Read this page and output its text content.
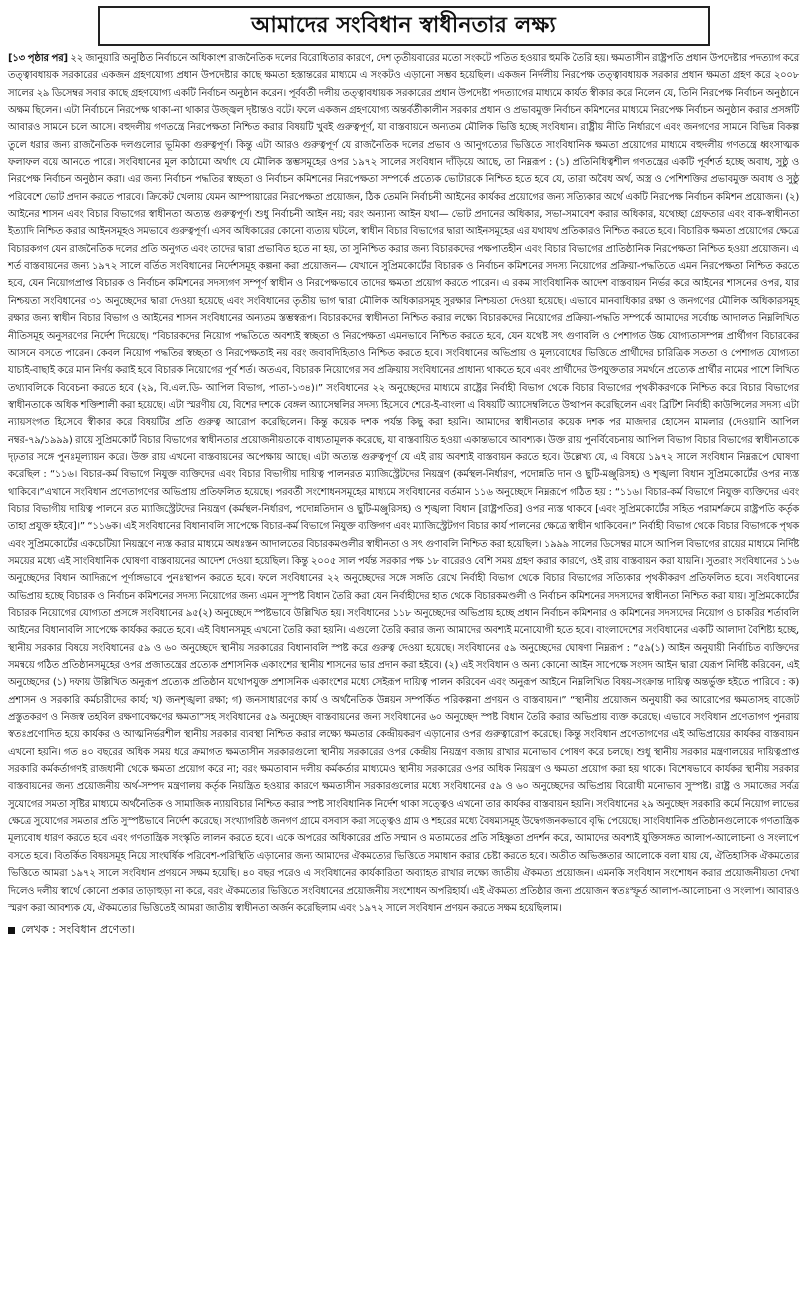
আমাদের সংবিধান স্বাধীনতার লক্ষ্য
[১৩ পৃষ্ঠার পর] ২২ জানুয়ারি অনুষ্ঠিত নির্বাচনে অধিকাংশ রাজনৈতিক দলের বিরোধিতার কারণে, দেশ তৃতীয়বারের মতো সংকটে পতিত হওয়ার হুমকি তৈরি হয়। ক্ষমতাসীন রাষ্ট্রপতি প্রধান উপদেষ্টার পদত্যাগ করে তত্ত্বাবধায়ক সরকারের একজন গ্রহণযোগ্য প্রধান উপদেষ্টার কাছে ক্ষমতা হস্তান্তরের মাধ্যমে এ সংকটও এড়ানো সম্ভব হয়েছিল। একজন নির্দলীয় নিরপেক্ষ তত্ত্বাবধায়ক সরকার প্রধান ক্ষমতা গ্রহণ করে ২০০৮ সালের ২৯ ডিসেম্বর সবার কাছে গ্রহণযোগ্য একটি নির্বাচন অনুষ্ঠান করেন। পূর্ববর্তী দলীয় তত্ত্বাবধায়ক সরকারের প্রধান উপদেষ্টা পদত্যাগের মাধ্যমে কার্যত স্বীকার করে নিলেন যে, তিনি নিরপেক্ষ নির্বাচন অনুষ্ঠানে অক্ষম ছিলেন। এটা নির্বাচনে নিরপেক্ষ থাকা-না থাকার উজ্জ্বল দৃষ্টান্তও বটে। ফলে একজন গ্রহণযোগ্য অন্তর্বর্তীকালীন সরকার প্রধান ও প্রভাবমুক্ত নির্বাচন কমিশনের মাধ্যমে নিরপেক্ষ নির্বাচন অনুষ্ঠান করার প্রসঙ্গটি আবারও সামনে চলে আসে। বহুদলীয় গণতন্ত্রে নিরপেক্ষতা নিশ্চিত করার বিষয়টি খুবই গুরুত্বপূর্ণ, যা বাস্তবায়নে অন্যতম মৌলিক ভিত্তি হচ্ছে সংবিধান। রাষ্ট্রীয় নীতি নির্ধারণে এবং জনগণের সামনে বিভিন্ন বিকল্প তুলে ধরার জন্য রাজনৈতিক দলগুলোর ভূমিকা গুরুত্বপূর্ণ। কিন্তু এটা আরও গুরুত্বপূর্ণ যে রাজনৈতিক দলের প্রভাব ও আনুগত্যের ভিত্তিতে সাংবিধানিক ক্ষমতা প্রয়োগের মাধ্যমে বহুদলীয় গণতন্ত্রে ধ্বংসাত্মক ফলাফল বয়ে আনতে পারে। সংবিধানের মূল কাঠামো অর্থাৎ যে মৌলিক স্তম্ভসমূহের ওপর ১৯৭২ সালের সংবিধান দাঁড়িয়ে আছে, তা নিম্নরূপ : (১) প্রতিনিধিত্বশীল গণতন্ত্রের একটি পূর্বশর্ত হচ্ছে অবাধ, সুষ্ঠু ও নিরপেক্ষ নির্বাচন অনুষ্ঠান করা। এর জন্য নির্বাচন পদ্ধতির স্বচ্ছতা ও নির্বাচন কমিশনের নিরপেক্ষতা সম্পর্কে প্রত্যেক ভোটারকে নিশ্চিত হতে হবে যে, তারা অবৈধ অর্থ, অস্ত্র ও পেশিশক্তির প্রভাবমুক্ত অবাধ ও সুষ্ঠু পরিবেশে ভোট প্রদান করতে পারবে। ক্রিকেট খেলায় যেমন আম্পায়ারের নিরপেক্ষতা প্রয়োজন, ঠিক তেমনি নির্বাচনী আইনের কার্যকর প্রয়োগের জন্য সত্যিকার অর্থে একটি নিরপেক্ষ নির্বাচন কমিশন প্রয়োজন। (২) আইনের শাসন এবং বিচার বিভাগের স্বাধীনতা অত্যন্ত গুরুত্বপূর্ণ। শুধু নির্বাচনী আইন নয়; বরং অন্যান্য আইন যথা— ভোট প্রদানের অধিকার, সভা-সমাবেশ করার অধিকার, যথেচ্ছা গ্রেফতার এবং বাক-স্বাধীনতা ইত্যাদি নিশ্চিত করার আইনসমূহও সমভাবে গুরুত্বপূর্ণ। এসব অধিকারের কোনো ব্যত্যয় ঘটলে, স্বাধীন বিচার বিভাগের দ্বারা আইনসমূহের এর যথাযথ প্রতিকারও নিশ্চিত করতে হবে। বিচারিক ক্ষমতা প্রয়োগের ক্ষেত্রে বিচারকগণ যেন রাজনৈতিক দলের প্রতি অনুগত এবং তাদের দ্বারা প্রভাবিত হতে না হয়, তা সুনিশ্চিত করার জন্য বিচারকদের পক্ষপাতহীন এবং বিচার বিভাগের প্রাতিষ্ঠানিক নিরপেক্ষতা নিশ্চিত হওয়া প্রয়োজন। এ শর্ত বাস্তবায়নের জন্য ১৯৭২ সালে বর্তিত সংবিধানের নির্দেশসমূহ কল্পনা করা প্রয়োজন— যেখানে সুপ্রিমকোর্টের বিচারক ও নির্বাচন কমিশনের সদস্য নিয়োগের প্রক্রিয়া-পদ্ধতিতে এমন নিরপেক্ষতা নিশ্চিত করতে হবে, যেন নিয়োগপ্রাপ্ত বিচারক ও নির্বাচন কমিশনের সদস্যগণ সম্পূর্ণ স্বাধীন ও নিরপেক্ষভাবে তাদের ক্ষমতা প্রয়োগ করতে পারেন। এ রকম সাংবিধানিক আদেশ বাস্তবায়ন নির্ভর করে আইনের শাসনের ওপর, যার নিশ্চয়তা সংবিধানের ৩১ অনুচ্ছেদের দ্বারা দেওয়া হয়েছে এবং সংবিধানের তৃতীয় ভাগ দ্বারা মৌলিক অধিকারসমূহ সুরক্ষার নিশ্চয়তা দেওয়া হয়েছে। এভাবে মানবাধিকার রক্ষা ও জনগণের মৌলিক অধিকারসমূহ রক্ষার জন্য স্বাধীন বিচার বিভাগ ও আইনের শাসন সংবিধানের অন্যতম স্তম্ভস্বরূপ। বিচারকদের স্বাধীনতা নিশ্চিত করার লক্ষ্যে বিচারকদের নিয়োগের প্রক্রিয়া-পদ্ধতি সম্পর্কে আমাদের সর্বোচ্চ আদালত নিম্নলিখিত নীতিসমূহ অনুসরণের নির্দেশ দিয়েছে। “বিচারকদের নিয়োগ পদ্ধতিতে অবশ্যই স্বচ্ছতা ও নিরপেক্ষতা এমনভাবে নিশ্চিত করতে হবে, যেন যথেষ্ট সৎ গুণাবলি ও পেশাগত উচ্চ যোগ্যতাসম্পন্ন প্রার্থীগণ বিচারকের আসনে বসতে পারেন। কেবল নিয়োগ পদ্ধতির স্বচ্ছতা ও নিরপেক্ষতাই নয় বরং জবাবদিহিতাও নিশ্চিত করতে হবে। সংবিধানের অভিপ্রায় ও মূল্যবোধের ভিত্তিতে প্রার্থীদের চারিত্রিক সততা ও পেশাগত যোগ্যতা যাচাই-বাছাই করে মান নির্ণয় করাই হবে বিচারক নিয়োগের পূর্ব শর্ত। অতএব, বিচারক নিয়োগের সব প্রক্রিয়ায় সংবিধানের প্রাধান্য থাকতে হবে এবং প্রার্থীদের উপযুক্ততার সমর্থনে প্রত্যেক প্রার্থীর নামের পাশে লিখিত তথ্যাবলিকে বিবেচনা করতে হবে (২৯, বি.এল.ডি- আপিল বিভাগ, পাতা-১৩৪)।” সংবিধানের ২২ অনুচ্ছেদের মাধ্যমে রাষ্ট্রের নির্বাহী বিভাগ থেকে বিচার বিভাগের পৃথকীকরণকে নিশ্চিত করে বিচার বিভাগের স্বাধীনতাকে অধিক শক্তিশালী করা হয়েছে। এটা স্মরণীয় যে, বিশের দশকে বেঙ্গল অ্যাসেম্বলির সদস্য হিসেবে শেরে-ই-বাংলা এ বিষয়টি অ্যাসেম্বলিতে উত্থাপন করেছিলেন এবং ব্রিটিশ নির্বাহী কাউন্সিলের সদস্য এটা ন্যায়সংগত হিসেবে স্বীকার করে বিষয়টির প্রতি গুরুত্ব আরোপ করেছিলেন। কিন্তু কয়েক দশক পর্যন্ত কিছু করা হয়নি। আমাদের স্বাধীনতার কয়েক দশক পর মাজদার হোসেন মামলার (দেওয়ানি আপিল নম্বর-৭৯/১৯৯৯) রায়ে সুপ্রিমকোর্ট বিচার বিভাগের স্বাধীনতার প্রয়োজনীয়তাকে বাধ্যতামূলক করেছে, যা বাস্তবায়িত হওয়া একান্তভাবে আবশ্যক। উক্ত রায় পুনর্বিবেচনায় আপিল বিভাগ বিচার বিভাগের স্বাধীনতাকে দৃঢ়তার সঙ্গে পুনঃমূল্যায়ন করে। উক্ত রায় এখনো বাস্তবায়নের অপেক্ষায় আছে। এটা অত্যন্ত গুরুত্বপূর্ণ যে এই রায় অবশ্যই বাস্তবায়ন করতে হবে। উল্লেখ্য যে, এ বিষয়ে ১৯৭২ সালে সংবিধান নিম্নরূপে ঘোষণা করেছিল : “১১৬। বিচার-কর্ম বিভাগে নিযুক্ত ব্যক্তিদের এবং বিচার বিভাগীয় দায়িত্ব পালনরত ম্যাজিস্ট্রেটদের নিয়ন্ত্রণ (কর্মস্থল-নির্ধারণ, পদোন্নতি দান ও ছুটি-মঞ্জুরিসহ) ও শৃঙ্খলা বিধান সুপ্রিমকোর্টের ওপর ন্যস্ত থাকিবে।”এখানে সংবিধান প্রণেতাগণের অভিপ্রায় প্রতিফলিত হয়েছে। পরবর্তী সংশোধনসমূহের মাধ্যমে সংবিধানের বর্তমান ১১৬ অনুচ্ছেদে নিম্নরূপে গঠিত হয় : “১১৬। বিচার-কর্ম বিভাগে নিযুক্ত ব্যক্তিদের এবং বিচার বিভাগীয় দায়িত্ব পালনে রত ম্যাজিস্ট্রেটদের নিয়ন্ত্রণ (কর্মস্থল-নির্ধারণ, পদোন্নতিদান ও ছুটি-মঞ্জুরিসহ) ও শৃঙ্খলা বিধান [রাষ্ট্রপতির] ওপর ন্যস্ত থাকবে [এবং সুপ্রিমকোর্টের সহিত পরামর্শক্রমে রাষ্ট্রপতি কর্তৃক তাহা প্রযুক্ত হইবে]।” “১১৬ক। এই সংবিধানের বিধানাবলি সাপেক্ষে বিচার-কর্ম বিভাগে নিযুক্ত ব্যক্তিগণ এবং ম্যাজিস্ট্রেটগণ বিচার কার্য পালনের ক্ষেত্রে স্বাধীন থাকিবেন।” নির্বাহী বিভাগ থেকে বিচার বিভাগকে পৃথক এবং সুপ্রিমকোর্টের একচেটিয়া নিয়ন্ত্রণে ন্যস্ত করার মাধ্যমে অধঃস্তন আদালতের বিচারকমণ্ডলীর স্বাধীনতা ও সৎ গুণাবলি নিশ্চিত করা হয়েছিল। ১৯৯৯ সালের ডিসেম্বর মাসে আপিল বিভাগের রায়ের মাধ্যমে নির্দিষ্ট সময়ের মধ্যে এই সাংবিধানিক ঘোষণা বাস্তবায়নের আদেশ দেওয়া হয়েছিল। কিন্তু ২০০৫ সাল পর্যন্ত সরকার পক্ষ ১৮ বারেরও বেশি সময় গ্রহণ করার কারণে, ওই রায় বাস্তবায়ন করা যায়নি। সুতরাং সংবিধানের ১১৬ অনুচ্ছেদের বিধান আদিরূপে পূর্ণাঙ্গভাবে পুনঃস্থাপন করতে হবে। ফলে সংবিধানের ২২ অনুচ্ছেদের সঙ্গে সঙ্গতি রেখে নির্বাহী বিভাগ থেকে বিচার বিভাগের সত্যিকার পৃথকীকরণ প্রতিফলিত হবে। সংবিধানের অভিপ্রায় হচ্ছে বিচারক ও নির্বাচন কমিশনের সদস্য নিয়োগের জন্য এমন সুস্পষ্ট বিধান তৈরি করা যেন নির্বাহীদের হাত থেকে বিচারকমণ্ডলী ও নির্বাচন কমিশনের সদস্যদের স্বাধীনতা নিশ্চিত করা যায়। সুপ্রিমকোর্টের বিচারক নিয়োগের যোগ্যতা প্রসঙ্গে সংবিধানের ৯৫(২) অনুচ্ছেদে স্পষ্টভাবে উল্লিখিত হয়। সংবিধানের ১১৮ অনুচ্ছেদের অভিপ্রায় হচ্ছে প্রধান নির্বাচন কমিশনার ও কমিশনের সদস্যদের নিয়োগ ও চাকরির শর্তাবলি আইনের বিধানাবলি সাপেক্ষে কার্যকর করতে হবে। এই বিধানসমূহ এখনো তৈরি করা হয়নি। এগুলো তৈরি করার জন্য আমাদের অবশ্যই মনোযোগী হতে হবে। বাংলাদেশের সংবিধানের একটি আলাদা বৈশিষ্ট্য হচ্ছে, স্থানীয় সরকার বিষয়ে সংবিধানের ৫৯ ও ৬০ অনুচ্ছেদে স্থানীয় সরকারের বিধানাবলি স্পষ্ট করে গুরুত্ব দেওয়া হয়েছে। সংবিধানের ৫৯ অনুচ্ছেদের ঘোষণা নিম্নরূপ : “৫৯(১) আইন অনুযায়ী নির্বাচিত ব্যক্তিদের সমন্বয়ে গঠিত প্রতিষ্ঠানসমূহের ওপর প্রজাতন্ত্রের প্রত্যেক প্রশাসনিক একাংশের স্থানীয় শাসনের ভার প্রদান করা হইবে। (২) এই সংবিধান ও অন্য কোনো আইন সাপেক্ষে সংসদ আইন দ্বারা যেরূপ নির্দিষ্ট করিবেন, এই অনুচ্ছেদের (১) দফায় উল্লিখিত অনুরূপ প্রত্যেক প্রতিষ্ঠান যথোপযুক্ত প্রশাসনিক একাংশের মধ্যে সেইরূপ দায়িত্ব পালন করিবেন এবং অনুরূপ আইনে নিম্নলিখিত বিষয়-সংক্রান্ত দায়িত্ব অন্তর্ভুক্ত হইতে পারিবে : ক) প্রশাসন ও সরকারি কর্মচারীদের কার্য; খ) জনশৃঙ্খলা রক্ষা; গ) জনসাধারণের কার্য ও অর্থনৈতিক উন্নয়ন সম্পর্কিত পরিকল্পনা প্রণয়ন ও বাস্তবায়ন।” “স্থানীয় প্রয়োজন অনুযায়ী কর আরোপের ক্ষমতাসহ বাজেট প্রস্তুতকরণ ও নিজস্ব তহবিল রক্ষণাবেক্ষণের ক্ষমতা”সহ সংবিধানের ৫৯ অনুচ্ছেদ বাস্তবায়নের জন্য সংবিধানের ৬০ অনুচ্ছেদ স্পষ্ট বিধান তৈরি করার অভিপ্রায় ব্যক্ত করেছে। এভাবে সংবিধান প্রণেতাগণ পুনরায় স্বতঃপ্রণোদিত হয়ে কার্যকর ও আত্মনির্ভরশীল স্থানীয় সরকার ব্যবস্থা নিশ্চিত করার লক্ষ্যে ক্ষমতার কেন্দ্রীয়করণ এড়ানোর ওপর গুরুত্বারোপ করেছে। কিন্তু সংবিধান প্রণেতাগণের এই অভিপ্রায়ের কার্যকর বাস্তবায়ন এখনো হয়নি। গত ৪০ বছরের অধিক সময় ধরে ক্রমাগত ক্ষমতাসীন সরকারগুলো স্থানীয় সরকারের ওপর কেন্দ্রীয় নিয়ন্ত্রণ বজায় রাখার মনোভাব পোষণ করে চলছে। শুধু স্থানীয় সরকার মন্ত্রণালয়ের দায়িত্বপ্রাপ্ত সরকারি কর্মকর্তাগণই রাজধানী থেকে ক্ষমতা প্রয়োগ করে না; বরং ক্ষমতাবান দলীয় কর্মকর্তার মাধ্যমেও স্থানীয় সরকারের ওপর অধিক নিয়ন্ত্রণ ও ক্ষমতা প্রয়োগ করা হয় থাকে। বিশেষভাবে কার্যকর স্থানীয় সরকার বাস্তবায়নের জন্য প্রয়োজনীয় অর্থ-সম্পদ মন্ত্রণালয় কর্তৃক নিয়ন্ত্রিত হওয়ার কারণে ক্ষমতাসীন সরকারগুলোর মধ্যে সংবিধানের ৫৯ ও ৬০ অনুচ্ছেদের অভিপ্রায় বিরোধী মনোভাব সুস্পষ্ট। রাষ্ট্র ও সমাজের সর্বত্র সুযোগের সমতা সৃষ্টির মাধ্যমে অর্থনৈতিক ও সামাজিক ন্যায়বিচার নিশ্চিত করার স্পষ্ট সাংবিধানিক নির্দেশ থাকা সত্ত্বেও এখনো তার কার্যকর বাস্তবায়ন হয়নি। সংবিধানের ২৯ অনুচ্ছেদ সরকারি কর্মে নিয়োগ লাভের ক্ষেত্রে সুযোগের সমতার প্রতি সুস্পষ্টভাবে নির্দেশ করেছে। সংখ্যাগরিষ্ঠ জনগণ গ্রামে বসবাস করা সত্ত্বেও গ্রাম ও শহরের মধ্যে বৈষম্যসমূহ উদ্বেগজনকভাবে বৃদ্ধি পেয়েছে। সাংবিধানিক প্রতিষ্ঠানগুলোকে গণতান্ত্রিক মূল্যবোধ ধারণ করতে হবে এবং গণতান্ত্রিক সংস্কৃতি লালন করতে হবে। একে অপরের অধিকারের প্রতি সম্মান ও মতামতের প্রতি সহিষ্ণুতা প্রদর্শন করে, আমাদের অবশ্যই যুক্তিসঙ্গত আলাপ-আলোচনা ও সংলাপে বসতে হবে। বিতর্কিত বিষয়সমূহ নিয়ে সাংঘর্ষিক পরিবেশ-পরিস্থিতি এড়ানোর জন্য আমাদের ঐকমত্যের ভিত্তিতে সমাধান করার চেষ্টা করতে হবে। অতীত অভিজ্ঞতার আলোকে বলা যায় যে, ঐতিহাসিক ঐকমত্যের ভিত্তিতে আমরা ১৯৭২ সালে সংবিধান প্রণয়নে সক্ষম হয়েছি। ৪০ বছর পরেও এ সংবিধানের কার্যকারিতা অব্যাহত রাখার লক্ষ্যে জাতীয় ঐকমত্য প্রয়োজন। এমনকি সংবিধান সংশোধন করার প্রয়োজনীয়তা দেখা দিলেও দলীয় স্বার্থে কোনো প্রকার তাড়াহুড়া না করে, বরং ঐকমত্যের ভিত্তিতে সংবিধানের প্রয়োজনীয় সংশোধন অপরিহার্য। এই ঐকমত্য প্রতিষ্ঠার জন্য প্রয়োজন স্বতঃস্ফূর্ত আলাপ-আলোচনা ও সংলাপ। আবারও স্মরণ করা আবশ্যক যে, ঐকমত্যের ভিত্তিতেই আমরা জাতীয় স্বাধীনতা অর্জন করেছিলাম এবং ১৯৭২ সালে সংবিধান প্রণয়ন করতে সক্ষম হয়েছিলাম।
লেখক : সংবিধান প্রণেতা।
